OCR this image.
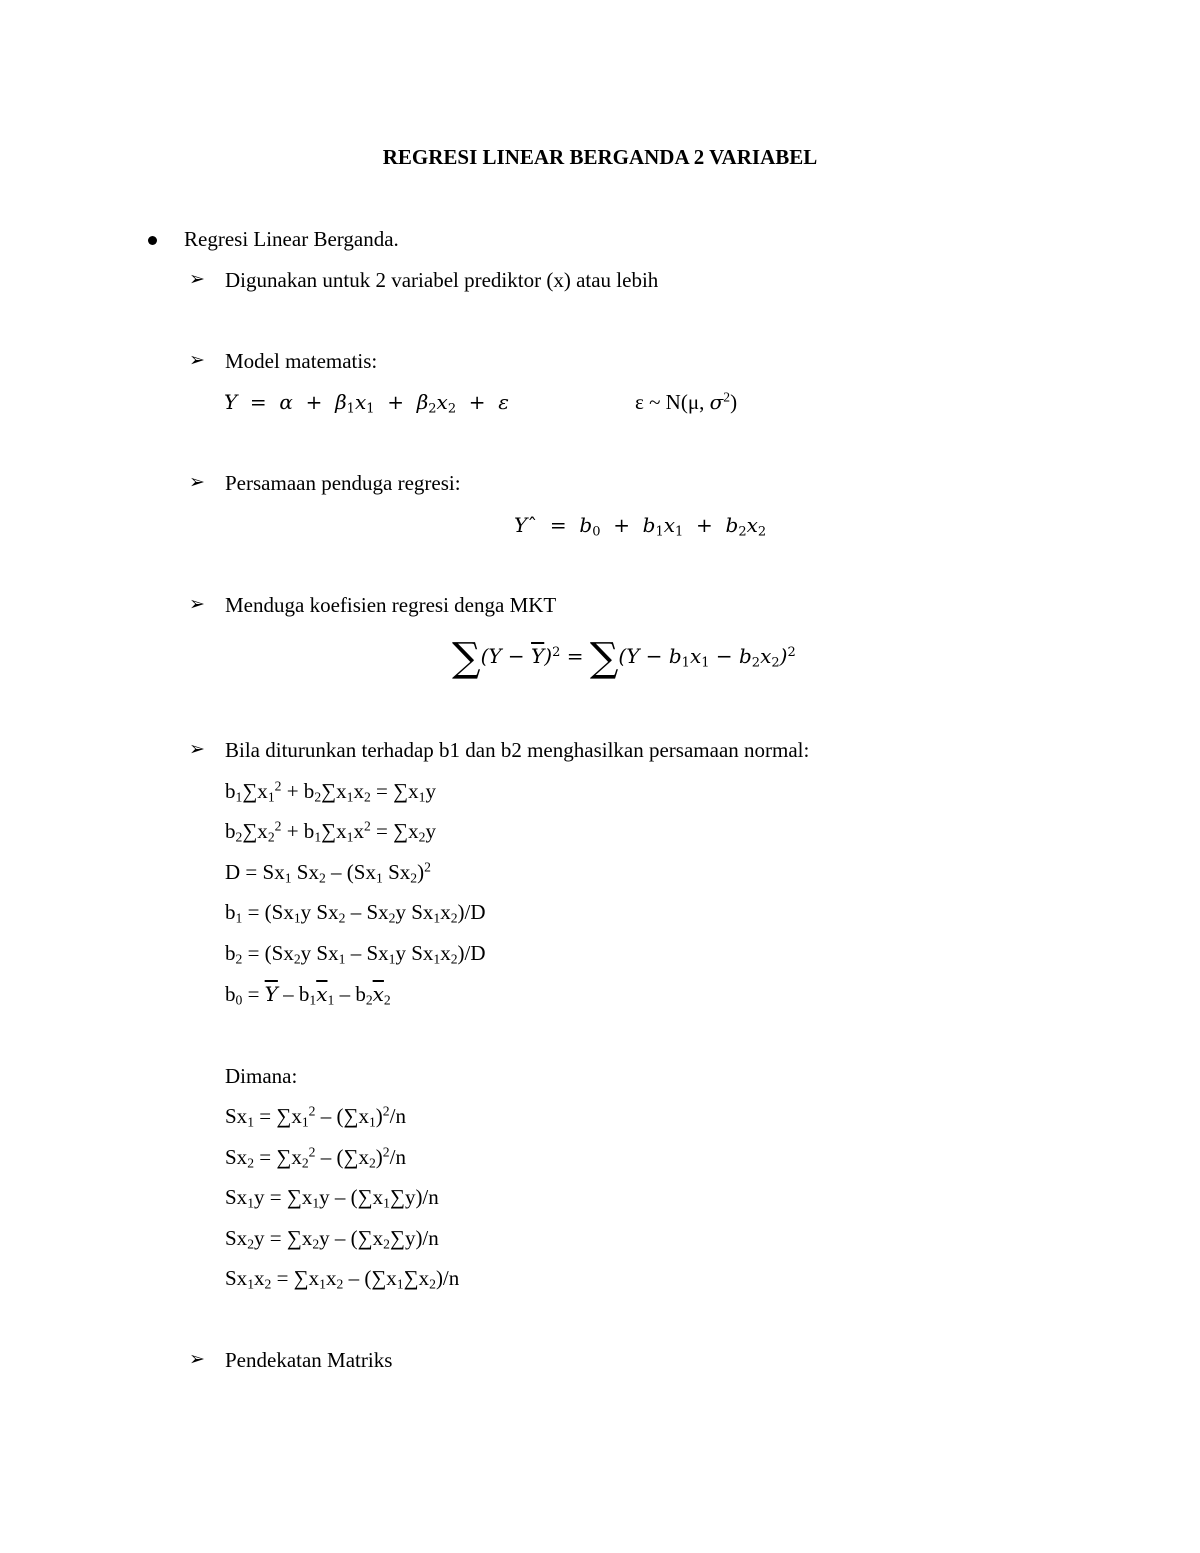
REGRESI LINEAR BERGANDA 2 VARIABEL
Regresi Linear Berganda.
➢ Digunakan untuk 2 variabel prediktor (x) atau lebih
➢ Model matematis:
$Y = \alpha + \beta_1x_1 + \beta_2x_2 + \varepsilon$	ε ~ N(μ, $\sigma^2$)
➢ Persamaan penduga regresi:
Yˆ  =  $b_0 + b_1x_1 + b_2x_2$
➢ Menduga koefisien regresi denga MKT
$\sum(Y - \overline{Y})^2 = \sum(Y - b_1x_1 - b_2x_2)^2$
➢ Bila diturunkan terhadap b1 dan b2 menghasilkan persamaan normal:
$b_1\sum x_1^2 + b_2\sum x_1x_2 = \sum x_1y$
$b_2\sum x_2^2 + b_1\sum x_1x^2 = \sum x_2y$
$D = Sx_1$ $Sx_2 - (Sx_1$ $Sx_2)^2$
$b_1 = (Sx_1y$ $Sx_2 - Sx_2y$ $Sx_1x_2)/D$
$b_2 = (Sx_2y$ $Sx_1 - Sx_1y$ $Sx_1x_2)/D$
$b_0 = \overline{Y} - b_1\overline{x}_1 - b_2\overline{x}_2$
Dimana:
$Sx_1 = \sum x_1^2 - (\sum x_1)^2/n$
$Sx_2 = \sum x_2^2 - (\sum x_2)^2/n$
$Sx_1y = \sum x_1y - (\sum x_1\sum y)/n$
$Sx_2y = \sum x_2y - (\sum x_2\sum y)/n$
$Sx_1x_2 = \sum x_1x_2 - (\sum x_1\sum x_2)/n$
➢ Pendekatan Matriks
